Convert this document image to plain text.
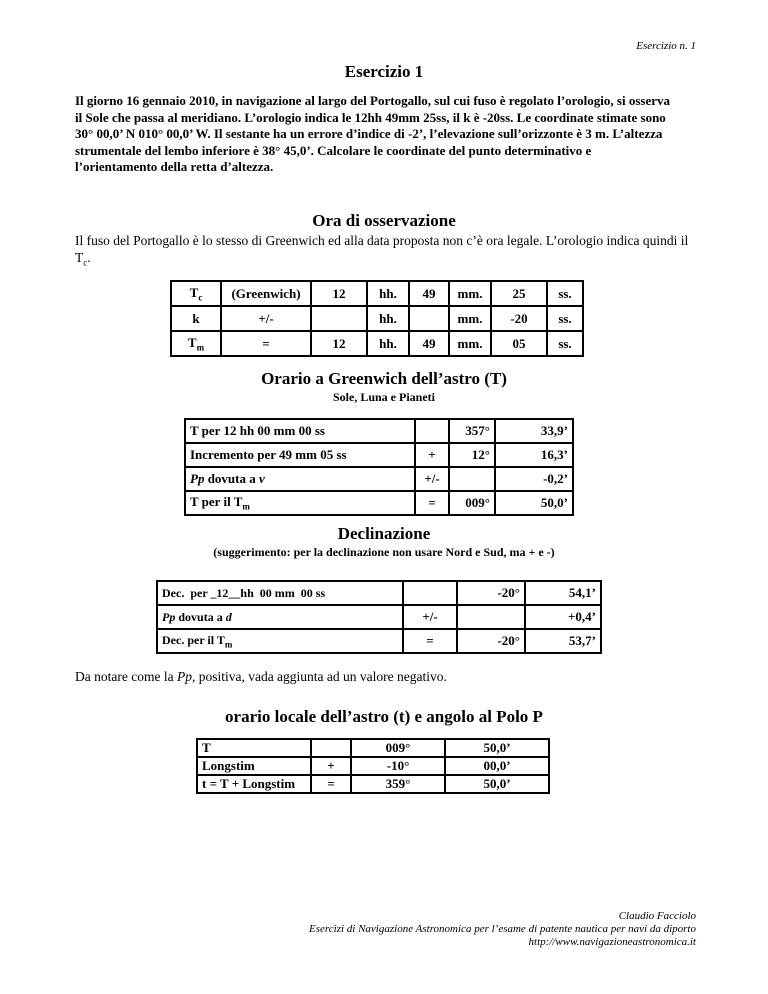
Esercizio n. 1
Esercizio 1
Il giorno 16 gennaio 2010, in navigazione al largo del Portogallo, sul cui fuso è regolato l’orologio, si osserva il Sole che passa al meridiano. L’orologio indica le 12hh 49mm 25ss, il k è -20ss. Le coordinate stimate sono 30° 00,0’ N 010° 00,0’ W. Il sestante ha un errore d’indice di -2’, l’elevazione sull’orizzonte è 3 m. L’altezza strumentale del lembo inferiore è 38° 45,0’. Calcolare le coordinate del punto determinativo e l’orientamento della retta d’altezza.
Ora di osservazione
Il fuso del Portogallo è lo stesso di Greenwich ed alla data proposta non c’è ora legale. L’orologio indica quindi il $T_c$.
$T_c$	(Greenwich)	12	hh.	49	mm.	25	ss.
k	+/-		hh.		mm.	-20	ss.
$T_m$	=	12	hh.	49	mm.	05	ss.
Orario a Greenwich dell’astro (T)
Sole, Luna e Pianeti
T per 12 hh 00 mm 00 ss		357°	33,9’
Incremento per 49 mm 05 ss	+	12°	16,3’
Pp dovuta a v	+/-		-0,2’
T per il $T_m$	=	009°	50,0’
Declinazione
(suggerimento: per la declinazione non usare Nord e Sud, ma + e -)
Dec.  per _12__hh  00 mm  00 ss		-20°	54,1’
Pp dovuta a d	+/-		+0,4’
Dec. per il $T_m$	=	-20°	53,7’
Da notare come la Pp, positiva, vada aggiunta ad un valore negativo.
orario locale dell’astro (t) e angolo al Polo P
T		009°	50,0’
Longstim	+	-10°	00,0’
t = T + Longstim	=	359°	50,0’
Claudio Facciolo
Esercizi di Navigazione Astronomica per l’esame di patente nautica per navi da diporto
http://www.navigazioneastronomica.it
